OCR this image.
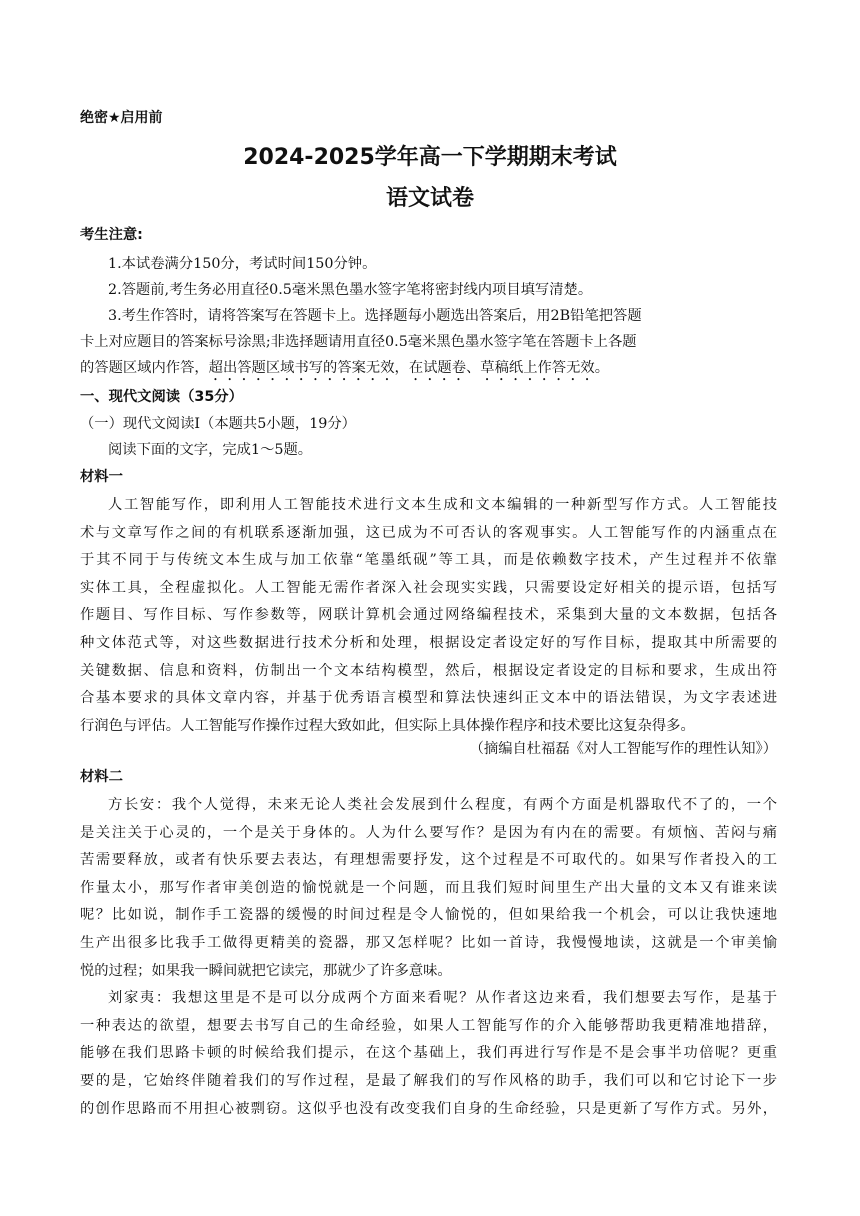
绝密★启用前
2024-2025学年高一下学期期末考试
语文试卷
考生注意:
1.本试卷满分150分，考试时间150分钟。
2.答题前,考生务必用直径0.5毫米黑色墨水签字笔将密封线内项目填写清楚。
3.考生作答时，请将答案写在答题卡上。选择题每小题选出答案后，用2B铅笔把答题
卡上对应题目的答案标号涂黑;非选择题请用直径0.5毫米黑色墨水签字笔在答题卡上各题
的答题区域内作答，超出答题区域书写的答案无效，在试题卷、草稿纸上作答无效。
一、现代文阅读（35分）
（一）现代文阅读Ⅰ（本题共5小题，19分）
阅读下面的文字，完成1～5题。
材料一
人工智能写作，即利用人工智能技术进行文本生成和文本编辑的一种新型写作方式。人工智能技
术与文章写作之间的有机联系逐渐加强，这已成为不可否认的客观事实。人工智能写作的内涵重点在
于其不同于与传统文本生成与加工依靠“笔墨纸砚”等工具，而是依赖数字技术，产生过程并不依靠
实体工具，全程虚拟化。人工智能无需作者深入社会现实实践，只需要设定好相关的提示语，包括写
作题目、写作目标、写作参数等，网联计算机会通过网络编程技术，采集到大量的文本数据，包括各
种文体范式等，对这些数据进行技术分析和处理，根据设定者设定好的写作目标，提取其中所需要的
关键数据、信息和资料，仿制出一个文本结构模型，然后，根据设定者设定的目标和要求，生成出符
合基本要求的具体文章内容，并基于优秀语言模型和算法快速纠正文本中的语法错误，为文字表述进
行润色与评估。人工智能写作操作过程大致如此，但实际上具体操作程序和技术要比这复杂得多。
（摘编自杜福磊《对人工智能写作的理性认知》）
材料二
方长安：我个人觉得，未来无论人类社会发展到什么程度，有两个方面是机器取代不了的，一个
是关注关于心灵的，一个是关于身体的。人为什么要写作？是因为有内在的需要。有烦恼、苦闷与痛
苦需要释放，或者有快乐要去表达，有理想需要抒发，这个过程是不可取代的。如果写作者投入的工
作量太小，那写作者审美创造的愉悦就是一个问题，而且我们短时间里生产出大量的文本又有谁来读
呢？比如说，制作手工瓷器的缓慢的时间过程是令人愉悦的，但如果给我一个机会，可以让我快速地
生产出很多比我手工做得更精美的瓷器，那又怎样呢？比如一首诗，我慢慢地读，这就是一个审美愉
悦的过程；如果我一瞬间就把它读完，那就少了许多意味。
刘家夷：我想这里是不是可以分成两个方面来看呢？从作者这边来看，我们想要去写作，是基于
一种表达的欲望，想要去书写自己的生命经验，如果人工智能写作的介入能够帮助我更精准地措辞，
能够在我们思路卡顿的时候给我们提示，在这个基础上，我们再进行写作是不是会事半功倍呢？更重
要的是，它始终伴随着我们的写作过程，是最了解我们的写作风格的助手，我们可以和它讨论下一步
的创作思路而不用担心被剽窃。这似乎也没有改变我们自身的生命经验，只是更新了写作方式。另外，
